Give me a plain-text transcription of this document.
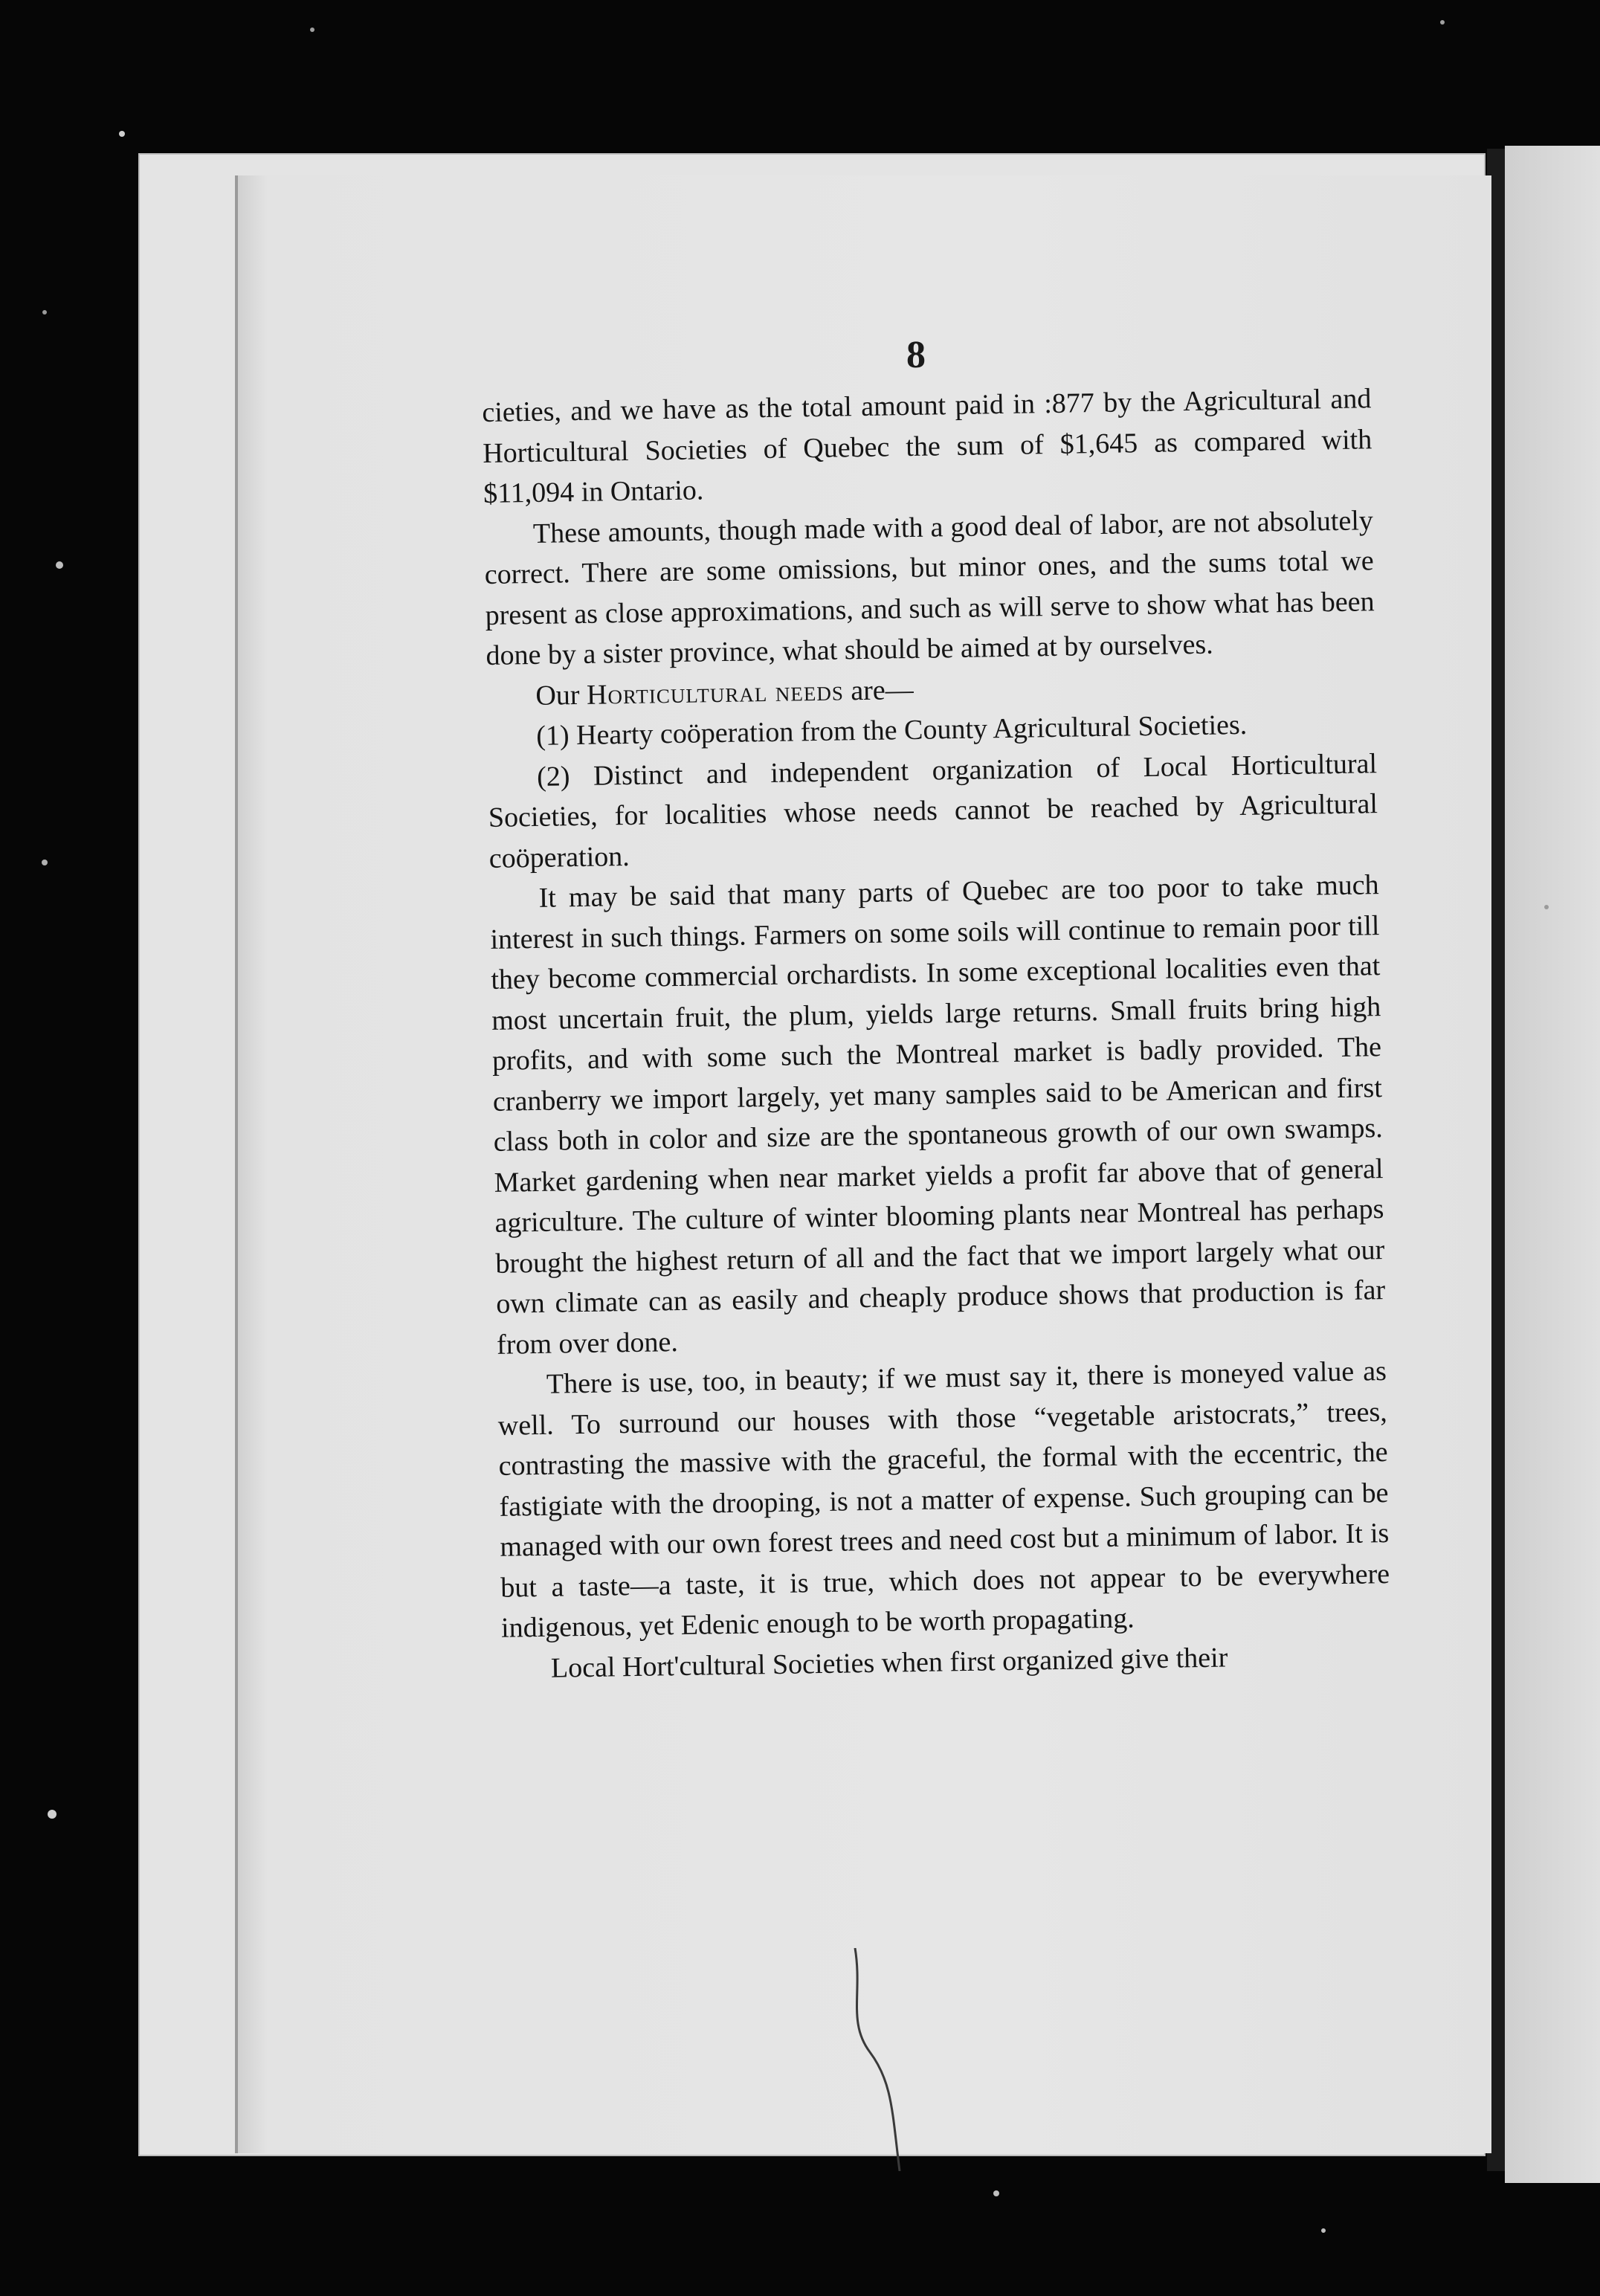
8

cieties, and we have as the total amount paid in :877 by the Agricultural and Horticultural Societies of Quebec the sum of $1,645 as compared with $11,094 in Ontario.

These amounts, though made with a good deal of labor, are not absolutely correct. There are some omissions, but minor ones, and the sums total we present as close approximations, and such as will serve to show what has been done by a sister province, what should be aimed at by ourselves.

Our Horticultural needs are—

(1) Hearty coöperation from the County Agricultural Societies.

(2) Distinct and independent organization of Local Horticultural Societies, for localities whose needs cannot be reached by Agricultural coöperation.

It may be said that many parts of Quebec are too poor to take much interest in such things. Farmers on some soils will continue to remain poor till they become commercial orchardists. In some exceptional localities even that most uncertain fruit, the plum, yields large returns. Small fruits bring high profits, and with some such the Montreal market is badly provided. The cranberry we import largely, yet many samples said to be American and first class both in color and size are the spontaneous growth of our own swamps. Market gardening when near market yields a profit far above that of general agriculture. The culture of winter blooming plants near Montreal has perhaps brought the highest return of all and the fact that we import largely what our own climate can as easily and cheaply produce shows that production is far from over done.

There is use, too, in beauty; if we must say it, there is moneyed value as well. To surround our houses with those “vegetable aristocrats,” trees, contrasting the massive with the graceful, the formal with the eccentric, the fastigiate with the drooping, is not a matter of expense. Such grouping can be managed with our own forest trees and need cost but a minimum of labor. It is but a taste—a taste, it is true, which does not appear to be everywhere indigenous, yet Edenic enough to be worth propagating.

Local Hort'cultural Societies when first organized give their
